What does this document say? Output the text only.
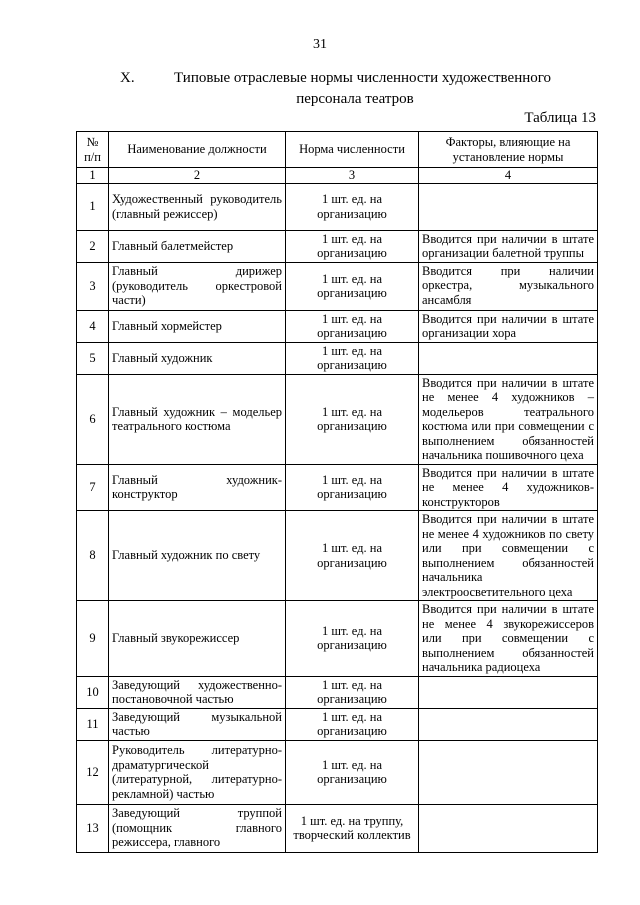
31
X.	Типовые отраслевые нормы численности художественного
персонала театров
Таблица 13
№ п/п	Наименование должности	Норма численности	Факторы, влияющие на установление нормы
1	2	3	4
1	Художественный руководитель (главный режиссер)	1 шт. ед. на организацию	
2	Главный балетмейстер	1 шт. ед. на организацию	Вводится при наличии в штате организации балетной труппы
3	Главный дирижер (руководитель оркестровой части)	1 шт. ед. на организацию	Вводится при наличии оркестра, музыкального ансамбля
4	Главный хормейстер	1 шт. ед. на организацию	Вводится при наличии в штате организации хора
5	Главный художник	1 шт. ед. на организацию	
6	Главный художник – модельер театрального костюма	1 шт. ед. на организацию	Вводится при наличии в штате не менее 4 художников – модельеров театрального костюма или при совмещении с выполнением обязанностей начальника пошивочного цеха
7	Главный художник-конструктор	1 шт. ед. на организацию	Вводится при наличии в штате не менее 4 художников-конструкторов
8	Главный художник по свету	1 шт. ед. на организацию	Вводится при наличии в штате не менее 4 художников по свету или при совмещении с выполнением обязанностей начальника электроосветительного цеха
9	Главный звукорежиссер	1 шт. ед. на организацию	Вводится при наличии в штате не менее 4 звукорежиссеров или при совмещении с выполнением обязанностей начальника радиоцеха
10	Заведующий художественно-постановочной частью	1 шт. ед. на организацию	
11	Заведующий музыкальной частью	1 шт. ед. на организацию	
12	Руководитель литературно-драматургической (литературной, литературно-рекламной) частью	1 шт. ед. на организацию	
13	Заведующий труппой (помощник главного режиссера, главного	1 шт. ед. на труппу, творческий коллектив	
